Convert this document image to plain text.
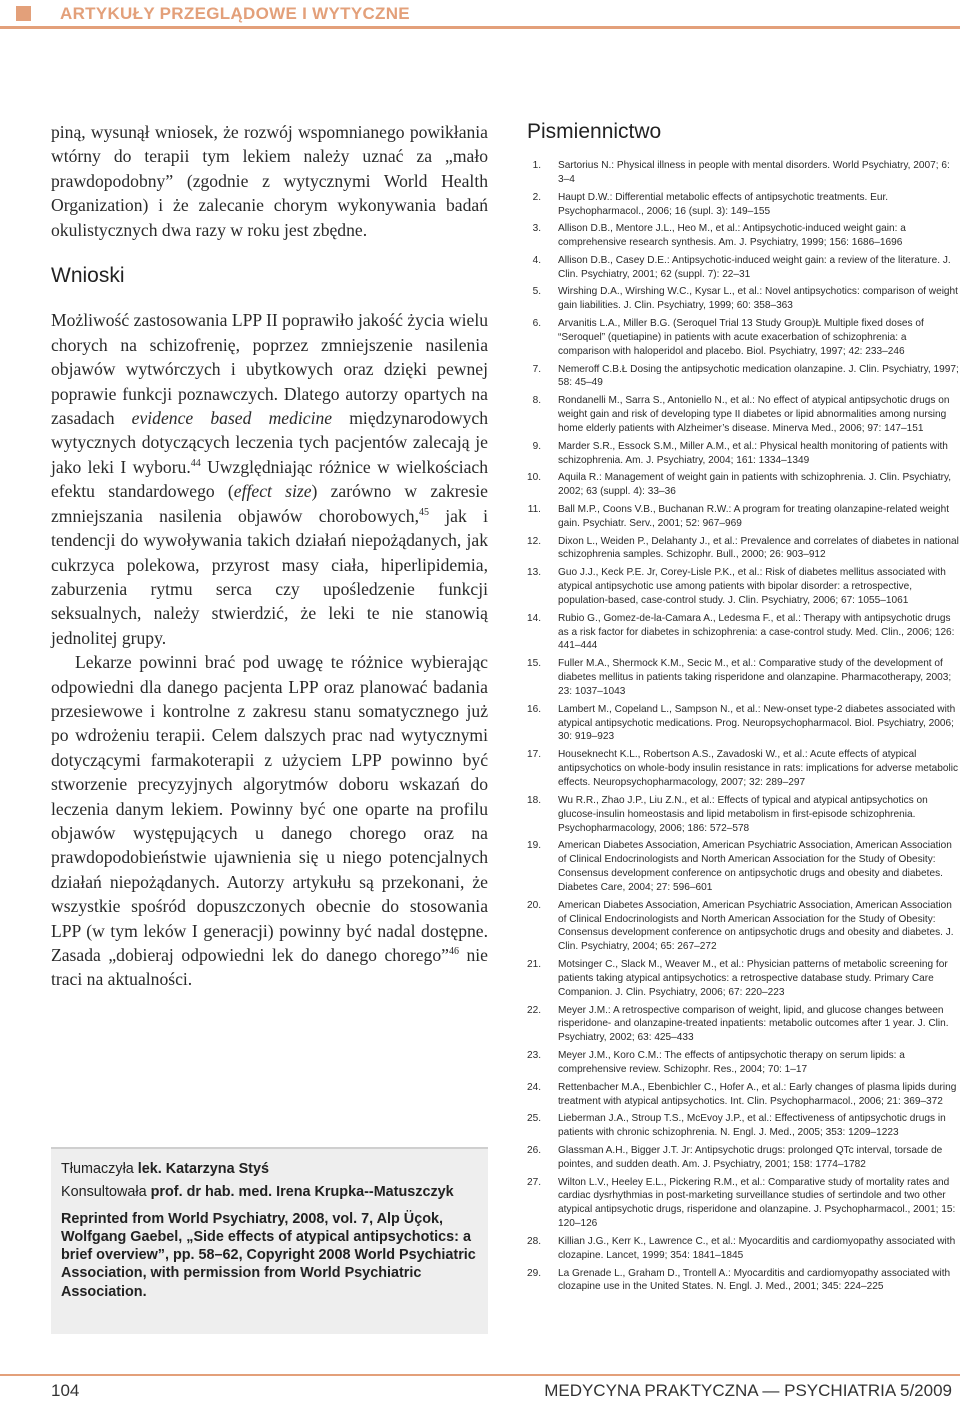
ARTYKUŁY PRZEGLĄDOWE I WYTYCZNE

piną, wysunął wniosek, że rozwój wspomnianego powikłania wtórny do terapii tym lekiem należy uznać za „mało prawdopodobny” (zgodnie z wytycznymi World Health Organization) i że zalecanie chorym wykonywania badań okulistycznych dwa razy w roku jest zbędne.

Wnioski

Możliwość zastosowania LPP II poprawiło jakość życia wielu chorych na schizofrenię, poprzez zmniejszenie nasilenia objawów wytwórczych i ubytkowych oraz dzięki pewnej poprawie funkcji poznawczych. Dlatego autorzy opartych na zasadach evidence based medicine międzynarodowych wytycznych dotyczących leczenia tych pacjentów zalecają je jako leki I wyboru.$^{44}$ Uwzględniając różnice w wielkościach efektu standardowego (effect size) zarówno w zakresie zmniejszania nasilenia objawów chorobowych,$^{45}$ jak i tendencji do wywoływania takich działań niepożądanych, jak cukrzyca polekowa, przyrost masy ciała, hiperlipidemia, zaburzenia rytmu serca czy upośledzenie funkcji seksualnych, należy stwierdzić, że leki te nie stanowią jednolitej grupy.

Lekarze powinni brać pod uwagę te różnice wybierając odpowiedni dla danego pacjenta LPP oraz planować badania przesiewowe i kontrolne z zakresu stanu somatycznego już po wdrożeniu terapii. Celem dalszych prac nad wytycznymi dotyczącymi farmakoterapii z użyciem LPP powinno być stworzenie precyzyjnych algorytmów doboru wskazań do leczenia danym lekiem. Powinny być one oparte na profilu objawów występujących u danego chorego oraz na prawdopodobieństwie ujawnienia się u niego potencjalnych działań niepożądanych. Autorzy artykułu są przekonani, że wszystkie spośród dopuszczonych obecnie do stosowania LPP (w tym leków I generacji) powinny być nadal dostępne. Zasada „dobieraj odpowiedni lek do danego chorego”$^{46}$ nie traci na aktualności.

Tłumaczyła lek. Katarzyna Styś

Konsultowała prof. dr hab. med. Irena Krupka-‑Matuszczyk

Reprinted from World Psychiatry, 2008, vol. 7, Alp Üçok, Wolfgang Gaebel, „Side effects of atypical antipsychotics: a brief overview”, pp. 58–62, Copyright 2008 World Psychiatric Association, with permission from World Psychiatric Association.

Pismiennictwo
1. Sartorius N.: Physical illness in people with mental disorders. World Psychiatry, 2007; 6: 3–4
2. Haupt D.W.: Differential metabolic effects of antipsychotic treatments. Eur. Psychopharmacol., 2006; 16 (supl. 3): 149–155
3. Allison D.B., Mentore J.L., Heo M., et al.: Antipsychotic-induced weight gain: a comprehensive research synthesis. Am. J. Psychiatry, 1999; 156: 1686–1696
4. Allison D.B., Casey D.E.: Antipsychotic-induced weight gain: a review of the literature. J. Clin. Psychiatry, 2001; 62 (suppl. 7): 22–31
5. Wirshing D.A., Wirshing W.C., Kysar L., et al.: Novel antipsychotics: comparison of weight gain liabilities. J. Clin. Psychiatry, 1999; 60: 358–363
6. Arvanitis L.A., Miller B.G. (Seroquel Trial 13 Study Group)Ł Multiple fixed doses of “Seroquel” (quetiapine) in patients with acute exacerbation of schizophrenia: a comparison with haloperidol and placebo. Biol. Psychiatry, 1997; 42: 233–246
7. Nemeroff C.B.Ł Dosing the antipsychotic medication olanzapine. J. Clin. Psychiatry, 1997; 58: 45–49
8. Rondanelli M., Sarra S., Antoniello N., et al.: No effect of atypical antipsychotic drugs on weight gain and risk of developing type II diabetes or lipid abnormalities among nursing home elderly patients with Alzheimer’s disease. Minerva Med., 2006; 97: 147–151
9. Marder S.R., Essock S.M., Miller A.M., et al.: Physical health monitoring of patients with schizophrenia. Am. J. Psychiatry, 2004; 161: 1334–1349
10. Aquila R.: Management of weight gain in patients with schizophrenia. J. Clin. Psychiatry, 2002; 63 (suppl. 4): 33–36
11. Ball M.P., Coons V.B., Buchanan R.W.: A program for treating olanzapine-related weight gain. Psychiatr. Serv., 2001; 52: 967–969
12. Dixon L., Weiden P., Delahanty J., et al.: Prevalence and correlates of diabetes in national schizophrenia samples. Schizophr. Bull., 2000; 26: 903–912
13. Guo J.J., Keck P.E. Jr, Corey-Lisle P.K., et al.: Risk of diabetes mellitus associated with atypical antipsychotic use among patients with bipolar disorder: a retrospective, population-based, case-control study. J. Clin. Psychiatry, 2006; 67: 1055–1061
14. Rubio G., Gomez-de-la-Camara A., Ledesma F., et al.: Therapy with antipsychotic drugs as a risk factor for diabetes in schizophrenia: a case-control study. Med. Clin., 2006; 126: 441–444
15. Fuller M.A., Shermock K.M., Secic M., et al.: Comparative study of the development of diabetes mellitus in patients taking risperidone and olanzapine. Pharmacotherapy, 2003; 23: 1037–1043
16. Lambert M., Copeland L., Sampson N., et al.: New-onset type-2 diabetes associated with atypical antipsychotic medications. Prog. Neuropsychopharmacol. Biol. Psychiatry, 2006; 30: 919–923
17. Houseknecht K.L., Robertson A.S., Zavadoski W., et al.: Acute effects of atypical antipsychotics on whole-body insulin resistance in rats: implications for adverse metabolic effects. Neuropsychopharmacology, 2007; 32: 289–297
18. Wu R.R., Zhao J.P., Liu Z.N., et al.: Effects of typical and atypical antipsychotics on glucose-insulin homeostasis and lipid metabolism in first-episode schizophrenia. Psychopharmacology, 2006; 186: 572–578
19. American Diabetes Association, American Psychiatric Association, American Association of Clinical Endocrinologists and North American Association for the Study of Obesity: Consensus development conference on antipsychotic drugs and obesity and diabetes. Diabetes Care, 2004; 27: 596–601
20. American Diabetes Association, American Psychiatric Association, American Association of Clinical Endocrinologists and North American Association for the Study of Obesity: Consensus development conference on antipsychotic drugs and obesity and diabetes. J. Clin. Psychiatry, 2004; 65: 267–272
21. Motsinger C., Slack M., Weaver M., et al.: Physician patterns of metabolic screening for patients taking atypical antipsychotics: a retrospective database study. Primary Care Companion. J. Clin. Psychiatry, 2006; 67: 220–223
22. Meyer J.M.: A retrospective comparison of weight, lipid, and glucose changes between risperidone- and olanzapine-treated inpatients: metabolic outcomes after 1 year. J. Clin. Psychiatry, 2002; 63: 425–433
23. Meyer J.M., Koro C.M.: The effects of antipsychotic therapy on serum lipids: a comprehensive review. Schizophr. Res., 2004; 70: 1–17
24. Rettenbacher M.A., Ebenbichler C., Hofer A., et al.: Early changes of plasma lipids during treatment with atypical antipsychotics. Int. Clin. Psychopharmacol., 2006; 21: 369–372
25. Lieberman J.A., Stroup T.S., McEvoy J.P., et al.: Effectiveness of antipsychotic drugs in patients with chronic schizophrenia. N. Engl. J. Med., 2005; 353: 1209–1223
26. Glassman A.H., Bigger J.T. Jr: Antipsychotic drugs: prolonged QTc interval, torsade de pointes, and sudden death. Am. J. Psychiatry, 2001; 158: 1774–1782
27. Wilton L.V., Heeley E.L., Pickering R.M., et al.: Comparative study of mortality rates and cardiac dysrhythmias in post-marketing surveillance studies of sertindole and two other atypical antipsychotic drugs, risperidone and olanzapine. J. Psychopharmacol., 2001; 15: 120–126
28. Killian J.G., Kerr K., Lawrence C., et al.: Myocarditis and cardiomyopathy associated with clozapine. Lancet, 1999; 354: 1841–1845
29. La Grenade L., Graham D., Trontell A.: Myocarditis and cardiomyopathy associated with clozapine use in the United States. N. Engl. J. Med., 2001; 345: 224–225
104	MEDYCYNA PRAKTYCZNA — PSYCHIATRIA 5/2009
